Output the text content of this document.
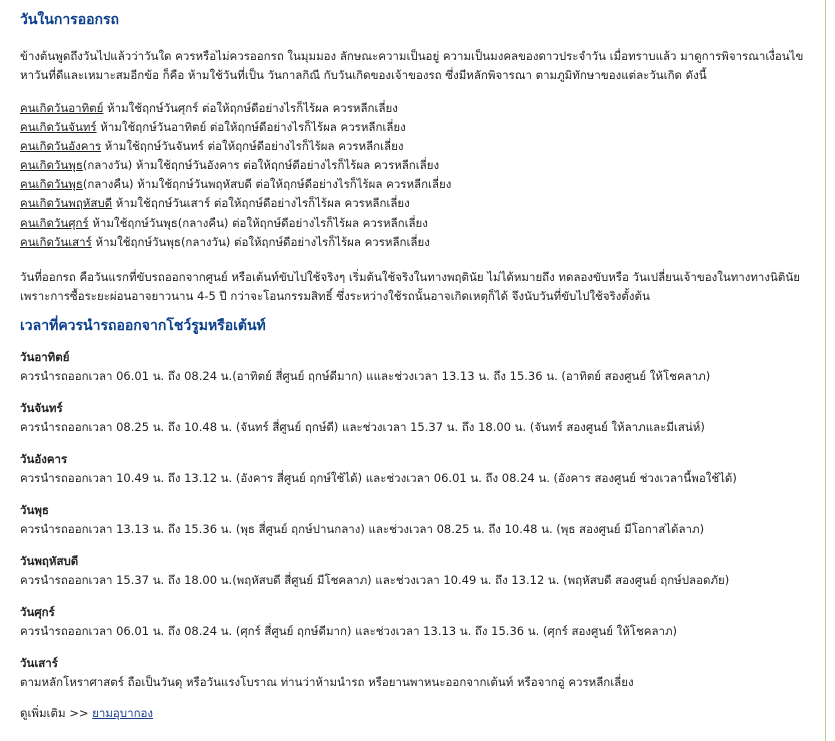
วันในการออกรถ

ข้างต้นพูดถึงวันไปแล้วว่าวันใด ควรหรือไม่ควรออกรถ ในมุมมอง ลักษณะความเป็นอยู่ ความเป็นมงคลของดาวประจำวัน เมื่อทราบแล้ว มาดูการพิจารณาเงื่อนไขหาวันที่ดีและเหมาะสมอีกข้อ ก็คือ ห้ามใช้วันที่เป็น วันกาลกิณี กับวันเกิดของเจ้าของรถ ซึ่งมีหลักพิจารณา ตามภูมิทักษาของแต่ละวันเกิด ดังนี้

คนเกิดวันอาทิตย์ ห้ามใช้ฤกษ์วันศุกร์ ต่อให้ฤกษ์ดีอย่างไรก็ไร้ผล ควรหลีกเลี่ยง
คนเกิดวันจันทร์ ห้ามใช้ฤกษ์วันอาทิตย์ ต่อให้ฤกษ์ดีอย่างไรก็ไร้ผล ควรหลีกเลี่ยง
คนเกิดวันอังคาร ห้ามใช้ฤกษ์วันจันทร์ ต่อให้ฤกษ์ดีอย่างไรก็ไร้ผล ควรหลีกเลี่ยง
คนเกิดวันพุธ(กลางวัน) ห้ามใช้ฤกษ์วันอังคาร ต่อให้ฤกษ์ดีอย่างไรก็ไร้ผล ควรหลีกเลี่ยง
คนเกิดวันพุธ(กลางคืน) ห้ามใช้ฤกษ์วันพฤหัสบดี ต่อให้ฤกษ์ดีอย่างไรก็ไร้ผล ควรหลีกเลี่ยง
คนเกิดวันพฤหัสบดี ห้ามใช้ฤกษ์วันเสาร์ ต่อให้ฤกษ์ดีอย่างไรก็ไร้ผล ควรหลีกเลี่ยง
คนเกิดวันศุกร์ ห้ามใช้ฤกษ์วันพุธ(กลางคืน) ต่อให้ฤกษ์ดีอย่างไรก็ไร้ผล ควรหลีกเลี่ยง
คนเกิดวันเสาร์ ห้ามใช้ฤกษ์วันพุธ(กลางวัน) ต่อให้ฤกษ์ดีอย่างไรก็ไร้ผล ควรหลีกเลี่ยง

วันที่ออกรถ คือวันแรกที่ขับรถออกจากศูนย์ หรือเต้นท์ขับไปใช้จริงๆ เริ่มต้นใช้จริงในทางพฤตินัย ไม่ได้หมายถึง ทดลองขับหรือ วันเปลี่ยนเจ้าของในทางทางนิตินัย เพราะการซื้อระยะผ่อนอาจยาวนาน 4-5 ปี กว่าจะโอนกรรมสิทธิ์ ซึ่งระหว่างใช้รถนั้นอาจเกิดเหตุก็ได้ จึงนับวันที่ขับไปใช้จริงตั้งต้น

เวลาที่ควรนำรถออกจากโชว์รูมหรือเต้นท์
วันอาทิตย์
ควรนำรถออกเวลา 06.01 น. ถึง 08.24 น.(อาทิตย์ สี่ศูนย์ ฤกษ์ดีมาก) แและช่วงเวลา 13.13 น. ถึง 15.36 น. (อาทิตย์ สองศูนย์ ให้โชคลาภ)
วันจันทร์
ควรนำรถออกเวลา 08.25 น. ถึง 10.48 น. (จันทร์ สี่ศูนย์ ฤกษ์ดี) และช่วงเวลา 15.37 น. ถึง 18.00 น. (จันทร์ สองศูนย์ ให้ลาภและมีเสน่ห์)
วันอังคาร
ควรนำรถออกเวลา 10.49 น. ถึง 13.12 น. (อังคาร สี่ศูนย์ ฤกษ์ใช้ได้) และช่วงเวลา 06.01 น. ถึง 08.24 น. (อังคาร สองศูนย์ ช่วงเวลานี้พอใช้ได้)
วันพุธ
ควรนำรถออกเวลา 13.13 น. ถึง 15.36 น. (พุธ สี่ศูนย์ ฤกษ์ปานกลาง) และช่วงเวลา 08.25 น. ถึง 10.48 น. (พุธ สองศูนย์ มีโอกาสได้ลาภ)
วันพฤหัสบดี
ควรนำรถออกเวลา 15.37 น. ถึง 18.00 น.(พฤหัสบดี สี่ศูนย์ มีโชคลาภ) และช่วงเวลา 10.49 น. ถึง 13.12 น. (พฤหัสบดี สองศูนย์ ฤกษ์ปลอดภัย)
วันศุกร์
ควรนำรถออกเวลา 06.01 น. ถึง 08.24 น. (ศุกร์ สี่ศูนย์ ฤกษ์ดีมาก) และช่วงเวลา 13.13 น. ถึง 15.36 น. (ศุกร์ สองศูนย์ ให้โชคลาภ)
วันเสาร์
ตามหลักโหราศาสตร์ ถือเป็นวันดุ หรือวันแรงโบราณ ท่านว่าห้ามนำรถ หรือยานพาหนะออกจากเต้นท์ หรือจากอู่ ควรหลีกเลี่ยง
ดูเพิ่มเติม >> ยามอุบากอง
